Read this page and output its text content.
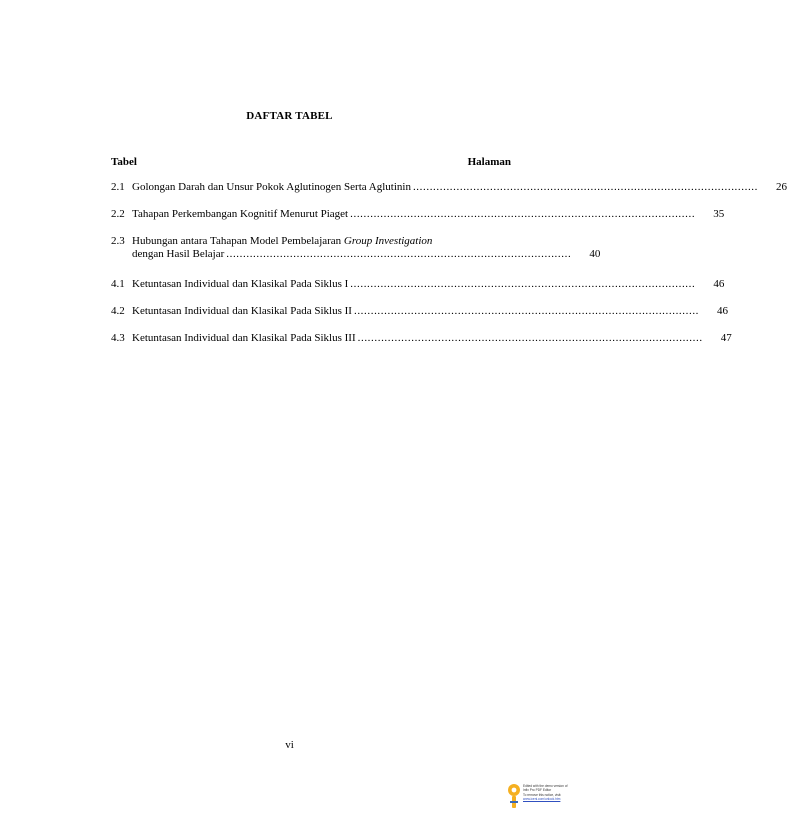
DAFTAR TABEL
Tabel	Halaman
2.1 Golongan Darah dan Unsur Pokok Aglutinogen Serta Aglutinin .......................................................................................................	26
2.2 Tahapan Perkembangan Kognitif Menurut Piaget .......................................................................................................	35
2.3 Hubungan antara Tahapan Model Pembelajaran Group Investigation
dengan Hasil Belajar .......................................................................................................	40
4.1 Ketuntasan Individual dan Klasikal Pada Siklus I .......................................................................................................	46
4.2 Ketuntasan Individual dan Klasikal Pada Siklus II .......................................................................................................	46
4.3 Ketuntasan Individual dan Klasikal Pada Siklus III .......................................................................................................	47
vi
Edited with the demo version of
Infix Pro PDF Editor
To remove this notice, visit:
www.iceni.com/unlock.htm
